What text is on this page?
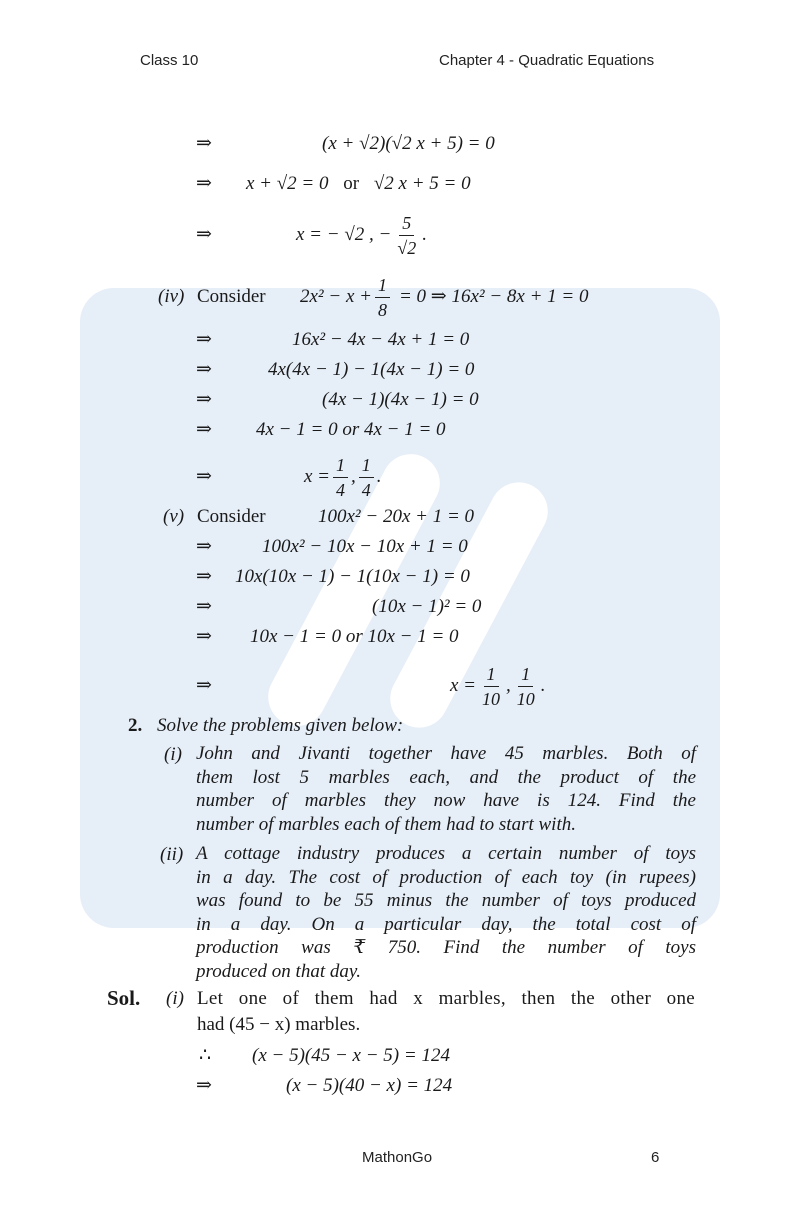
Class 10	Chapter 4 - Quadratic Equations
⇒	(x + √2)(√2 x + 5) = 0
⇒ x + √2 = 0 or √2 x + 5 = 0
⇒	x = − √2 , − $\frac{5}{√2}$ .
(iv) Consider $2x^2 - x + \frac{1}{8} = 0$ ⇒ 16x² − 8x + 1 = 0
⇒	16x² − 4x − 4x + 1 = 0
⇒	4x(4x − 1) − 1(4x − 1) = 0
⇒	(4x − 1)(4x − 1) = 0
⇒ 4x − 1 = 0 or 4x − 1 = 0
⇒	$x = \frac{1}{4}$ , $\frac{1}{4}$ .
(v) Consider	100x² − 20x + 1 = 0
⇒	100x² − 10x − 10x + 1 = 0
⇒ 10x(10x − 1) − 1(10x − 1) = 0
⇒	(10x − 1)² = 0
⇒ 10x − 1 = 0 or 10x − 1 = 0
⇒	$x = \frac{1}{10}$ , $\frac{1}{10}$ .
2. Solve the problems given below:
(i) John and Jivanti together have 45 marbles. Both of
them lost 5 marbles each, and the product of the
number of marbles they now have is 124. Find the
number of marbles each of them had to start with.
(ii) A cottage industry produces a certain number of toys
in a day. The cost of production of each toy (in rupees)
was found to be 55 minus the number of toys produced
in a day. On a particular day, the total cost of
production was ₹ 750. Find the number of toys
produced on that day.
Sol. (i) Let one of them had x marbles, then the other one
had (45 − x) marbles.
∴ (x − 5)(45 − x − 5) = 124
⇒	(x − 5)(40 − x) = 124
MathonGo	6
